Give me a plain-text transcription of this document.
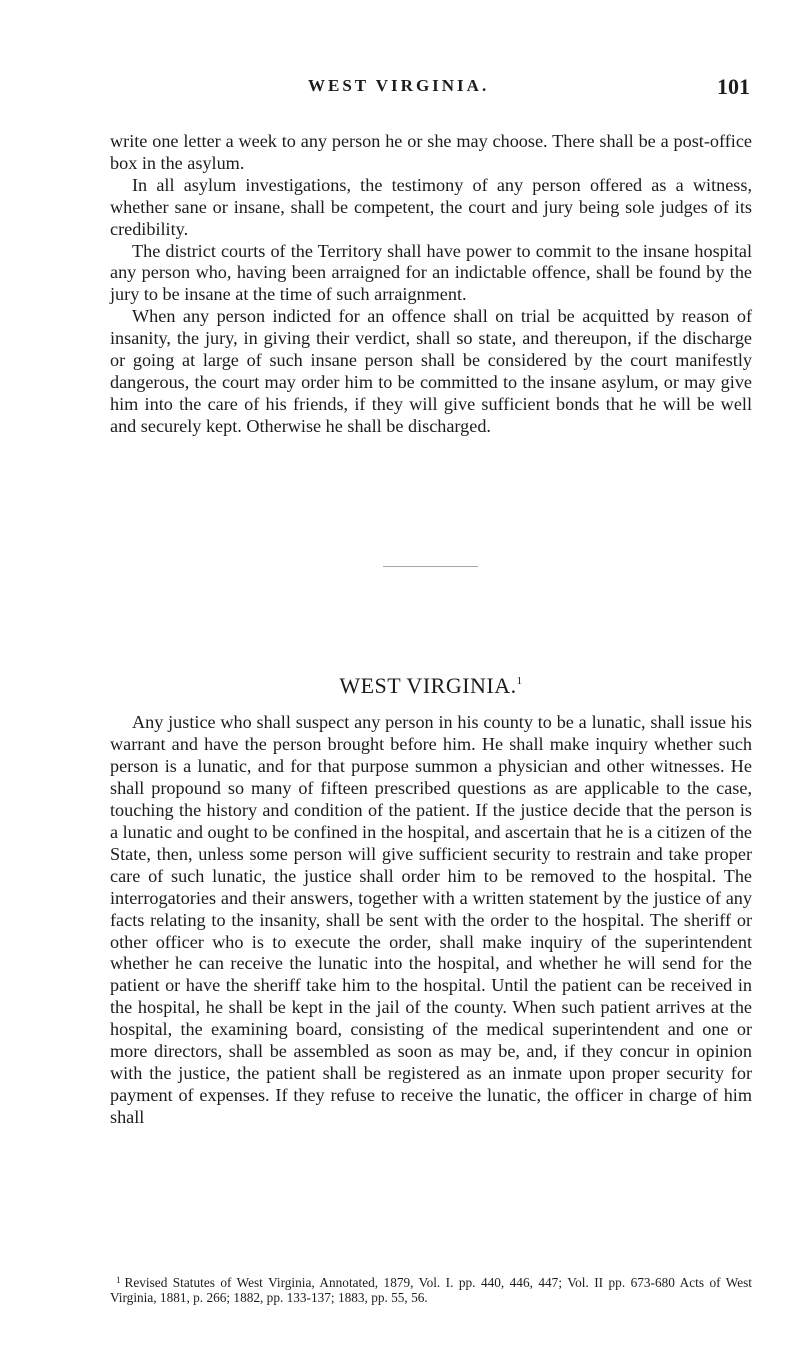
WEST VIRGINIA.	101

write one letter a week to any person he or she may choose. There shall be a post-office box in the asylum.

In all asylum investigations, the testimony of any person offered as a witness, whether sane or insane, shall be competent, the court and jury being sole judges of its credibility.

The district courts of the Territory shall have power to commit to the insane hospital any person who, having been arraigned for an indictable offence, shall be found by the jury to be insane at the time of such arraignment.

When any person indicted for an offence shall on trial be acquitted by reason of insanity, the jury, in giving their verdict, shall so state, and thereupon, if the discharge or going at large of such insane person shall be considered by the court manifestly dangerous, the court may order him to be committed to the insane asylum, or may give him into the care of his friends, if they will give sufficient bonds that he will be well and securely kept. Otherwise he shall be discharged.

WEST VIRGINIA.$^1$

Any justice who shall suspect any person in his county to be a lunatic, shall issue his warrant and have the person brought before him. He shall make inquiry whether such person is a lunatic, and for that purpose summon a physician and other witnesses. He shall propound so many of fifteen prescribed questions as are applicable to the case, touching the history and condition of the patient. If the justice decide that the person is a lunatic and ought to be confined in the hospital, and ascertain that he is a citizen of the State, then, unless some person will give sufficient security to restrain and take proper care of such lunatic, the justice shall order him to be removed to the hospital. The interrogatories and their answers, together with a written statement by the justice of any facts relating to the insanity, shall be sent with the order to the hospital. The sheriff or other officer who is to execute the order, shall make inquiry of the superintendent whether he can receive the lunatic into the hospital, and whether he will send for the patient or have the sheriff take him to the hospital. Until the patient can be received in the hospital, he shall be kept in the jail of the county. When such patient arrives at the hospital, the examining board, consisting of the medical superintendent and one or more directors, shall be assembled as soon as may be, and, if they concur in opinion with the justice, the patient shall be registered as an inmate upon proper security for payment of expenses. If they refuse to receive the lunatic, the officer in charge of him shall

$^1$ Revised Statutes of West Virginia, Annotated, 1879, Vol. I. pp. 440, 446, 447; Vol. II pp. 673-680 Acts of West Virginia, 1881, p. 266; 1882, pp. 133-137; 1883, pp. 55, 56.
